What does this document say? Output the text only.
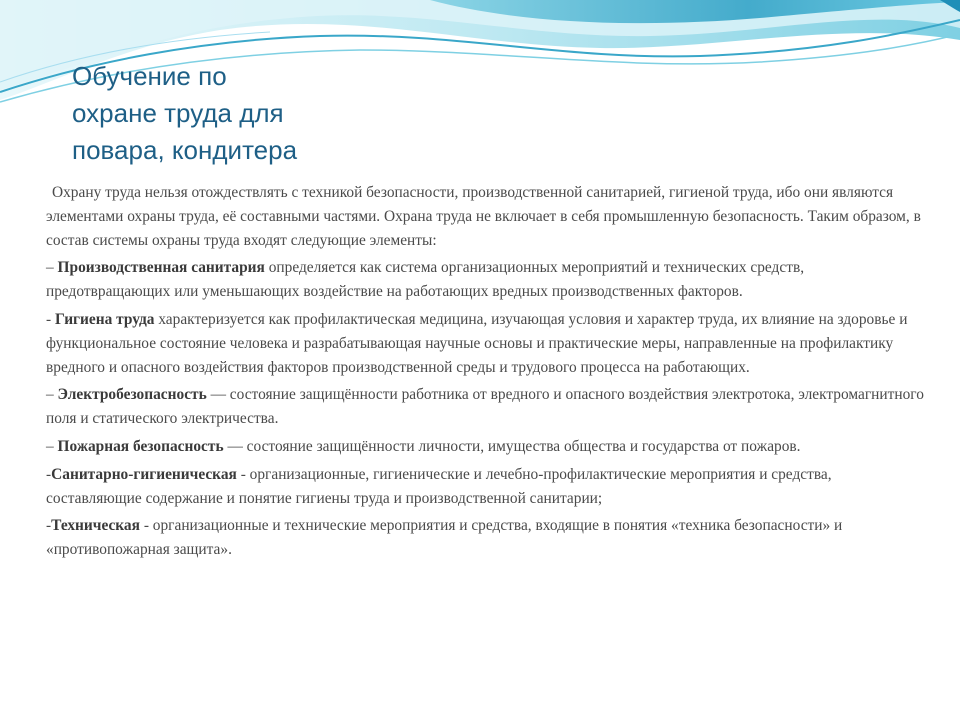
Обучение по
охране труда для
повара, кондитера

Охрану труда нельзя отождествлять с техникой безопасности, производственной санитарией, гигиеной труда, ибо они являются элементами охраны труда, её составными частями. Охрана труда не включает в себя промышленную безопасность. Таким образом, в состав системы охраны труда входят следующие элементы:

– Производственная санитария определяется как система организационных мероприятий и технических средств, предотвращающих или уменьшающих воздействие на работающих вредных производственных факторов.

- Гигиена труда характеризуется как профилактическая медицина, изучающая условия и характер труда, их влияние на здоровье и функциональное состояние человека и разрабатывающая научные основы и практические меры, направленные на профилактику вредного и опасного воздействия факторов производственной среды и трудового процесса на работающих.

– Электробезопасность — состояние защищённости работника от вредного и опасного воздействия электротока, электромагнитного поля и статического электричества.

– Пожарная безопасность — состояние защищённости личности, имущества общества и государства от пожаров.

-Санитарно-гигиеническая - организационные, гигиенические и лечебно-профилактические мероприятия и средства, составляющие содержание и понятие гигиены труда и производственной санитарии;

-Техническая - организационные и технические мероприятия и средства, входящие в понятия «техника безопасности» и «противопожарная защита».
